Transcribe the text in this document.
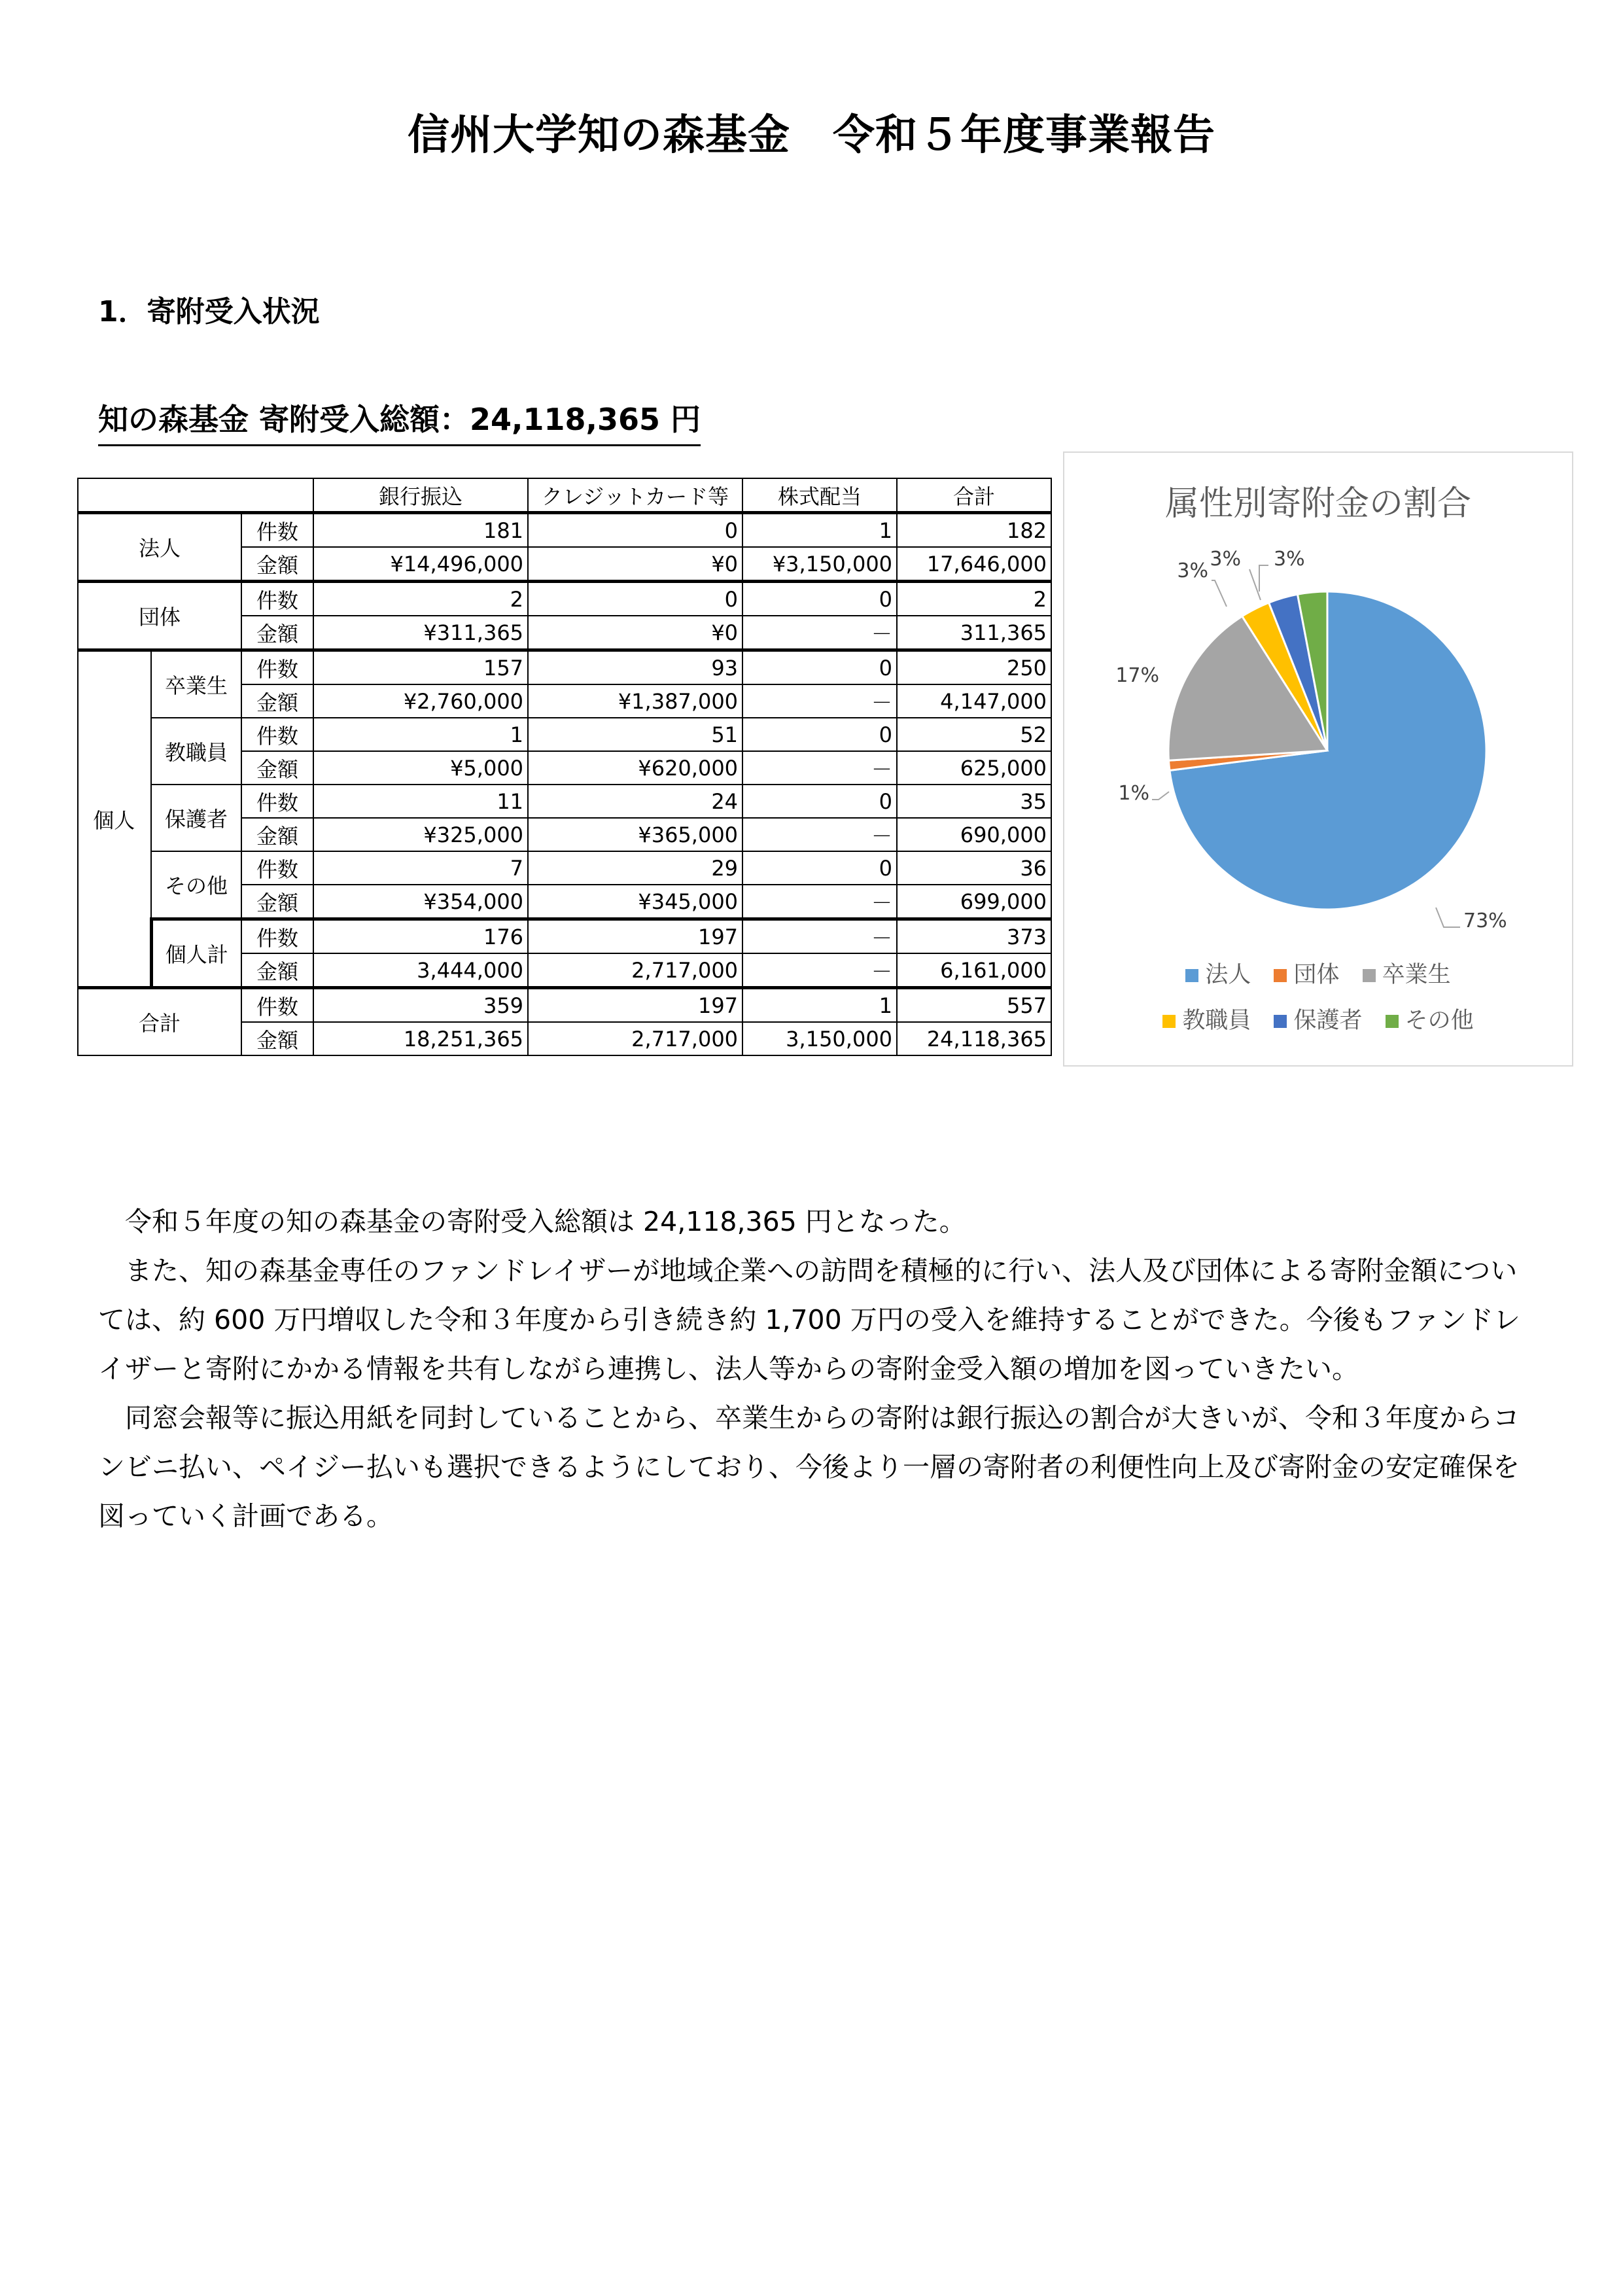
信州大学知の森基金　令和５年度事業報告
1．寄附受入状況
知の森基金 寄附受入総額：24,118,365 円
			銀行振込	クレジットカード等	株式配当	合計
法人		件数	181	0	1	182
		金額	¥14,496,000	¥0	¥3,150,000	17,646,000
団体		件数	2	0	0	2
		金額	¥311,365	¥0	－	311,365
個人	卒業生	件数	157	93	0	250
		金額	¥2,760,000	¥1,387,000	－	4,147,000
	教職員	件数	1	51	0	52
		金額	¥5,000	¥620,000	－	625,000
	保護者	件数	11	24	0	35
		金額	¥325,000	¥365,000	－	690,000
	その他	件数	7	29	0	36
		金額	¥354,000	¥345,000	－	699,000
	個人計	件数	176	197	－	373
		金額	3,444,000	2,717,000	－	6,161,000
合計		件数	359	197	1	557
		金額	18,251,365	2,717,000	3,150,000	24,118,365
属性別寄附金の割合
73%
1%
17%
3%
3% 3%
法人 団体 卒業生
教職員 保護者 その他

令和５年度の知の森基金の寄附受入総額は 24,118,365 円となった。

また、知の森基金専任のファンドレイザーが地域企業への訪問を積極的に行い、法人及び団体による寄附金額については、約 600 万円増収した令和３年度から引き続き約 1,700 万円の受入を維持することができた。今後もファンドレイザーと寄附にかかる情報を共有しながら連携し、法人等からの寄附金受入額の増加を図っていきたい。

同窓会報等に振込用紙を同封していることから、卒業生からの寄附は銀行振込の割合が大きいが、令和３年度からコンビニ払い、ペイジー払いも選択できるようにしており、今後より一層の寄附者の利便性向上及び寄附金の安定確保を図っていく計画である。
